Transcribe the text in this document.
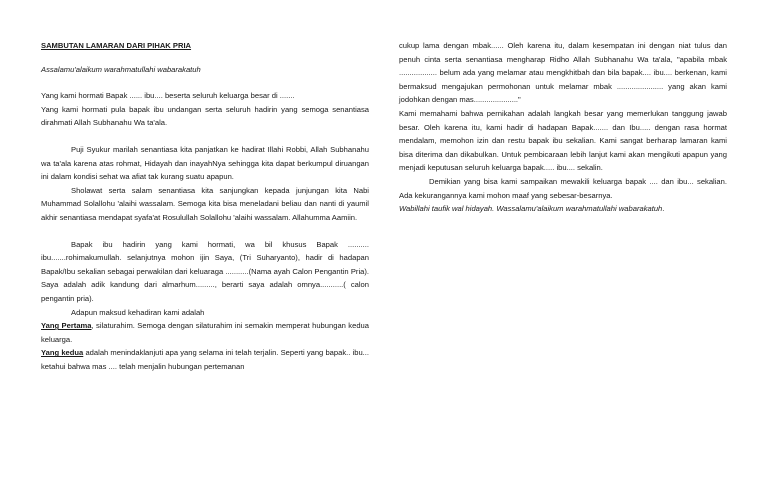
SAMBUTAN LAMARAN DARI PIHAK PRIA

Assalamu'alaikum warahmatullahi wabarakatuh

Yang kami hormati Bapak ...... ibu.... beserta seluruh keluarga besar di .......

Yang kami hormati pula bapak ibu undangan serta seluruh hadirin yang semoga senantiasa dirahmati Allah Subhanahu Wa ta'ala.

Puji Syukur marilah senantiasa kita panjatkan ke hadirat Illahi Robbi, Allah Subhanahu wa ta'ala karena atas rohmat, Hidayah dan inayahNya sehingga kita dapat berkumpul diruangan ini dalam kondisi sehat wa afiat tak kurang suatu apapun.

Sholawat serta salam senantiasa kita sanjungkan kepada junjungan kita Nabi Muhammad Solallohu 'alaihi wassalam. Semoga kita bisa meneladani beliau dan nanti di yaumil akhir senantiasa mendapat syafa'at Rosulullah Solallohu 'alaihi wassalam. Allahumma Aamiin.

Bapak ibu hadirin yang kami hormati, wa bil khusus Bapak .......... ibu.......rohimakumullah. selanjutnya mohon ijin Saya, (Tri Suharyanto), hadir di hadapan Bapak/Ibu sekalian sebagai perwakilan dari keluaraga ...........(Nama ayah Calon Pengantin Pria). Saya adalah adik kandung dari almarhum........., berarti saya adalah omnya...........( calon pengantin pria).

Adapun maksud kehadiran kami adalah

Yang Pertama, silaturahim. Semoga dengan silaturahim ini semakin memperat hubungan kedua keluarga.

Yang kedua adalah menindaklanjuti apa yang selama ini telah terjalin. Seperti yang bapak.. ibu... ketahui bahwa mas .... telah menjalin hubungan pertemanan

cukup lama dengan mbak...... Oleh karena itu, dalam kesempatan ini dengan niat tulus dan penuh cinta serta senantiasa mengharap Ridho Allah Subhanahu Wa ta'ala, "apabila mbak .................. belum ada yang melamar atau mengkhitbah dan bila bapak.... ibu.... berkenan, kami bermaksud mengajukan permohonan untuk melamar mbak ...................... yang akan kami jodohkan dengan mas....................."

Kami memahami bahwa pernikahan adalah langkah besar yang memerlukan tanggung jawab besar. Oleh karena itu, kami hadir di hadapan Bapak....... dan Ibu..... dengan rasa hormat mendalam, memohon izin dan restu bapak ibu sekalian. Kami sangat berharap lamaran kami bisa diterima dan dikabulkan. Untuk pembicaraan lebih lanjut kami akan mengikuti apapun yang menjadi keputusan seluruh keluarga bapak..... ibu.... sekalin.

Demikian yang bisa kami sampaikan mewakili keluarga bapak .... dan ibu... sekalian. Ada kekurangannya kami mohon maaf yang sebesar-besarnya.

Wabillahi taufik wal hidayah. Wassalamu'alaikum warahmatullahi wabarakatuh.
